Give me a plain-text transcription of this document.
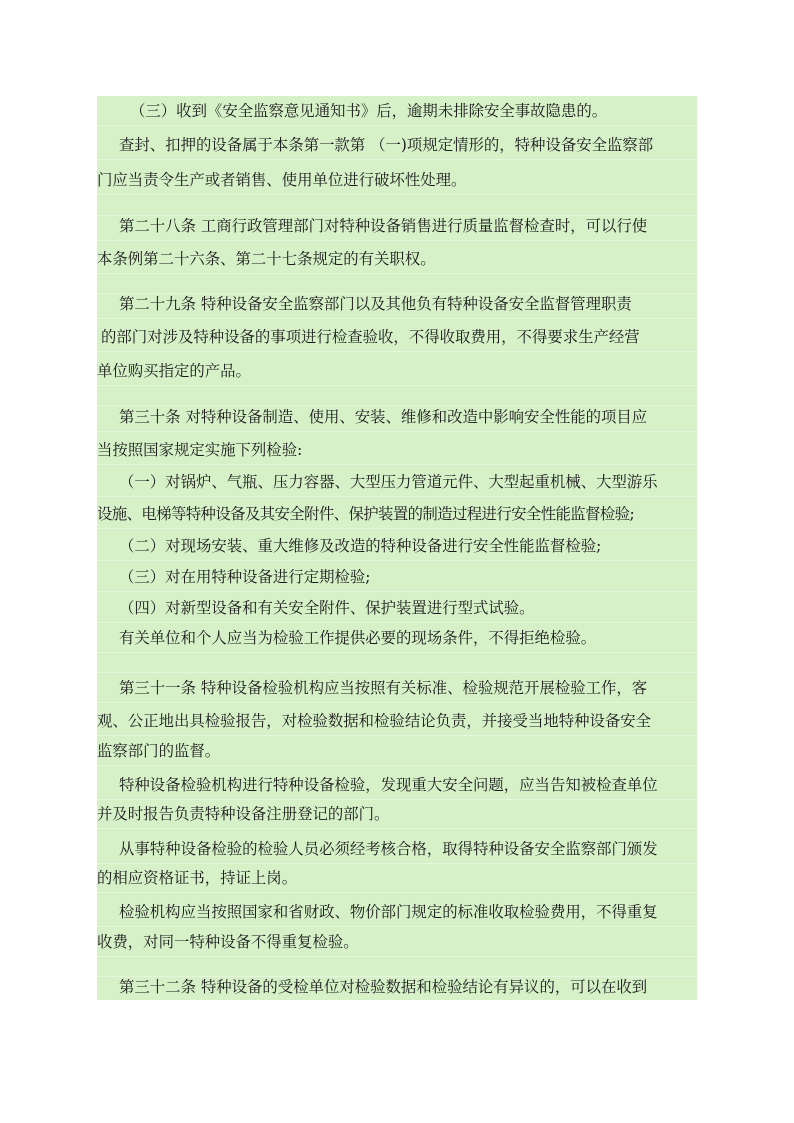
（三）收到《安全监察意见通知书》后，逾期未排除安全事故隐患的。
查封、扣押的设备属于本条第一款第 （一)项规定情形的，特种设备安全监察部
门应当责令生产或者销售、使用单位进行破坏性处理。
第二十八条 工商行政管理部门对特种设备销售进行质量监督检查时，可以行使
本条例第二十六条、第二十七条规定的有关职权。
第二十九条 特种设备安全监察部门以及其他负有特种设备安全监督管理职责
的部门对涉及特种设备的事项进行检查验收，不得收取费用，不得要求生产经营
单位购买指定的产品。
第三十条 对特种设备制造、使用、安装、维修和改造中影响安全性能的项目应
当按照国家规定实施下列检验:
（一）对锅炉、气瓶、压力容器、大型压力管道元件、大型起重机械、大型游乐
设施、电梯等特种设备及其安全附件、保护装置的制造过程进行安全性能监督检验;
（二）对现场安装、重大维修及改造的特种设备进行安全性能监督检验;
（三）对在用特种设备进行定期检验;
（四）对新型设备和有关安全附件、保护装置进行型式试验。
有关单位和个人应当为检验工作提供必要的现场条件，不得拒绝检验。
第三十一条 特种设备检验机构应当按照有关标准、检验规范开展检验工作，客
观、公正地出具检验报告，对检验数据和检验结论负责，并接受当地特种设备安全
监察部门的监督。
特种设备检验机构进行特种设备检验，发现重大安全问题，应当告知被检查单位
并及时报告负责特种设备注册登记的部门。
从事特种设备检验的检验人员必须经考核合格，取得特种设备安全监察部门颁发
的相应资格证书，持证上岗。
检验机构应当按照国家和省财政、物价部门规定的标准收取检验费用，不得重复
收费，对同一特种设备不得重复检验。
第三十二条 特种设备的受检单位对检验数据和检验结论有异议的，可以在收到
